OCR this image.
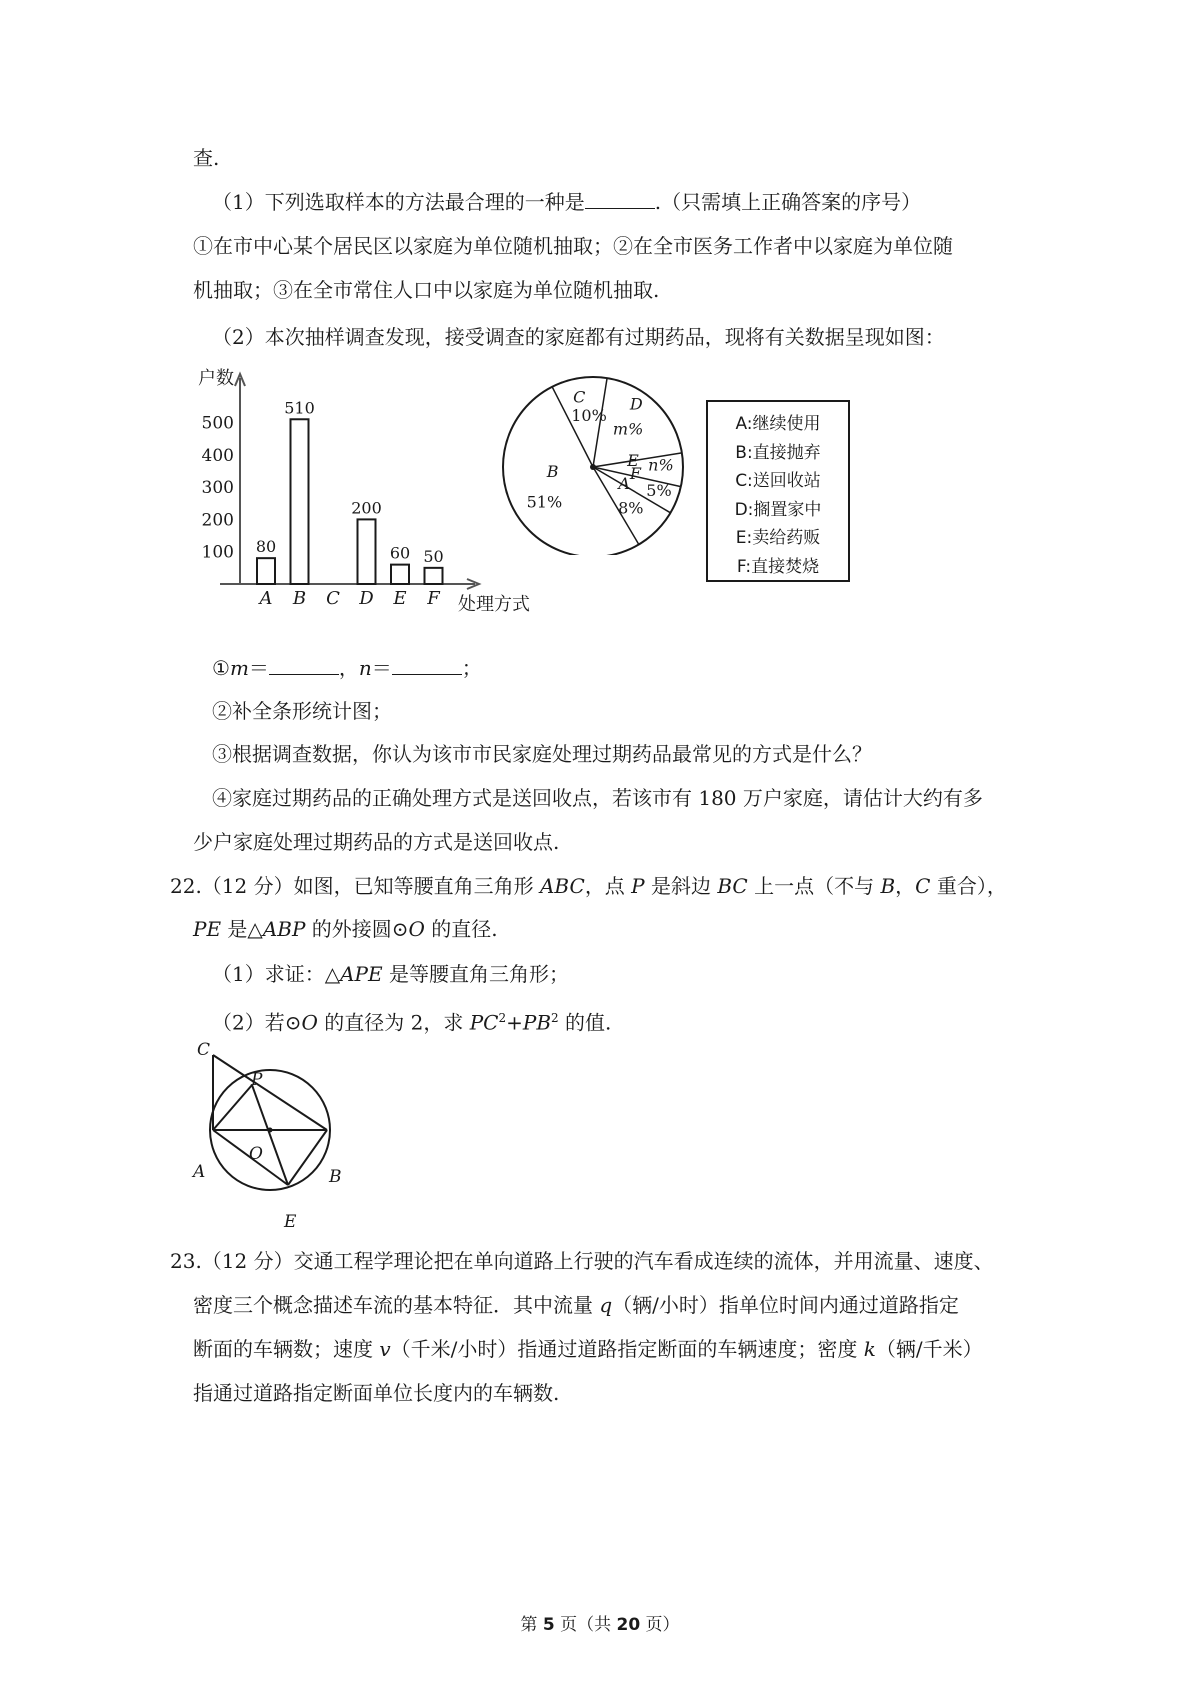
查.
（1）下列选取样本的方法最合理的一种是	.（只需填上正确答案的序号）
①在市中心某个居民区以家庭为单位随机抽取；②在全市医务工作者中以家庭为单位随
机抽取；③在全市常住人口中以家庭为单位随机抽取.
（2）本次抽样调查发现，接受调查的家庭都有过期药品，现将有关数据呈现如图：
户数
处理方式
100
200
300
400
500
80
A
510
B C
200
D
60
E
50
F
C
10%
D
m%
E n%
F
5%
A
8%
B
51%
A:继续使用
B:直接抛弃
C:送回收站
D:搁置家中
E:卖给药贩
F:直接焚烧
①m＝	，n＝	；
②补全条形统计图；
③根据调查数据，你认为该市市民家庭处理过期药品最常见的方式是什么？
④家庭过期药品的正确处理方式是送回收点，若该市有 180 万户家庭，请估计大约有多
少户家庭处理过期药品的方式是送回收点.
22.（12 分）如图，已知等腰直角三角形 ABC，点 P 是斜边 BC 上一点（不与 B，C 重合），
PE 是△ABP 的外接圆⊙O 的直径.
（1）求证：△APE 是等腰直角三角形；
（2）若⊙O 的直径为 2，求 $PC^2+PB^2$ 的值.
C
P
O
A	B
E
23.（12 分）交通工程学理论把在单向道路上行驶的汽车看成连续的流体，并用流量、速度、
密度三个概念描述车流的基本特征．其中流量 q（辆/小时）指单位时间内通过道路指定
断面的车辆数；速度 v（千米/小时）指通过道路指定断面的车辆速度；密度 k（辆/千米）
指通过道路指定断面单位长度内的车辆数.
第 5 页（共 20 页）
